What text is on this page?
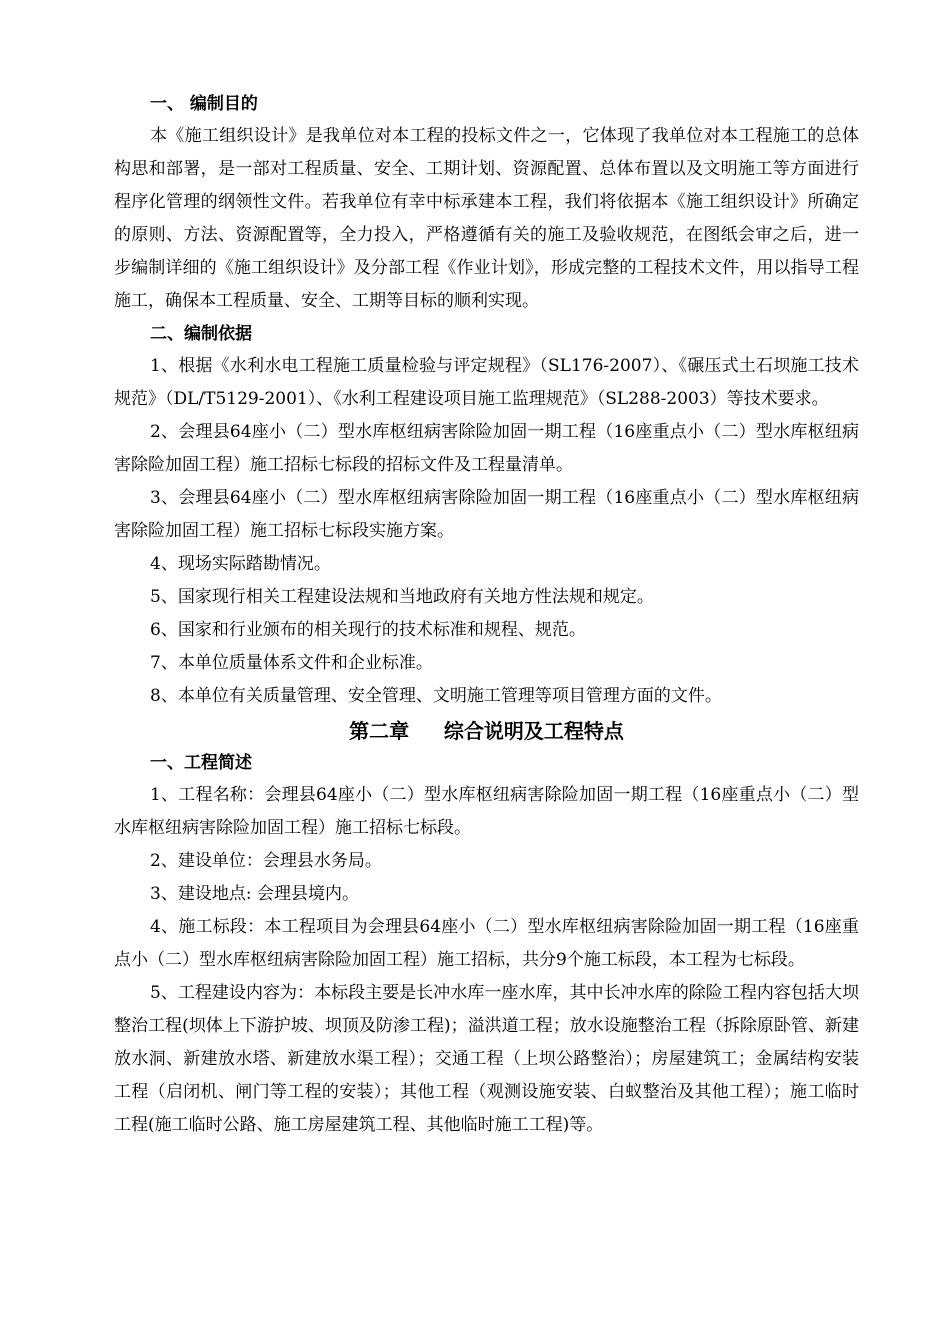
一、 编制目的

本《施工组织设计》是我单位对本工程的投标文件之一，它体现了我单位对本工程施工的总体构思和部署，是一部对工程质量、安全、工期计划、资源配置、总体布置以及文明施工等方面进行程序化管理的纲领性文件。若我单位有幸中标承建本工程，我们将依据本《施工组织设计》所确定的原则、方法、资源配置等，全力投入，严格遵循有关的施工及验收规范，在图纸会审之后，进一步编制详细的《施工组织设计》及分部工程《作业计划》，形成完整的工程技术文件，用以指导工程施工，确保本工程质量、安全、工期等目标的顺利实现。

二、编制依据

1、根据《水利水电工程施工质量检验与评定规程》（SL176-2007）、《碾压式土石坝施工技术规范》（DL/T5129-2001）、《水利工程建设项目施工监理规范》（SL288-2003）等技术要求。

2、会理县64座小（二）型水库枢纽病害除险加固一期工程（16座重点小（二）型水库枢纽病害除险加固工程）施工招标七标段的招标文件及工程量清单。

3、会理县64座小（二）型水库枢纽病害除险加固一期工程（16座重点小（二）型水库枢纽病害除险加固工程）施工招标七标段实施方案。

4、现场实际踏勘情况。

5、国家现行相关工程建设法规和当地政府有关地方性法规和规定。

6、国家和行业颁布的相关现行的技术标准和规程、规范。

7、本单位质量体系文件和企业标准。

8、本单位有关质量管理、安全管理、文明施工管理等项目管理方面的文件。

第二章     综合说明及工程特点
一、工程简述

1、工程名称：会理县64座小（二）型水库枢纽病害除险加固一期工程（16座重点小（二）型水库枢纽病害除险加固工程）施工招标七标段。

2、建设单位：会理县水务局。

3、建设地点: 会理县境内。

4、施工标段：本工程项目为会理县64座小（二）型水库枢纽病害除险加固一期工程（16座重点小（二）型水库枢纽病害除险加固工程）施工招标，共分9个施工标段，本工程为七标段。

5、工程建设内容为：本标段主要是长冲水库一座水库，其中长冲水库的除险工程内容包括大坝整治工程(坝体上下游护坡、坝顶及防渗工程)；溢洪道工程；放水设施整治工程（拆除原卧管、新建放水洞、新建放水塔、新建放水渠工程）；交通工程（上坝公路整治）；房屋建筑工；金属结构安装工程（启闭机、闸门等工程的安装）；其他工程（观测设施安装、白蚁整治及其他工程）；施工临时工程(施工临时公路、施工房屋建筑工程、其他临时施工工程)等。
